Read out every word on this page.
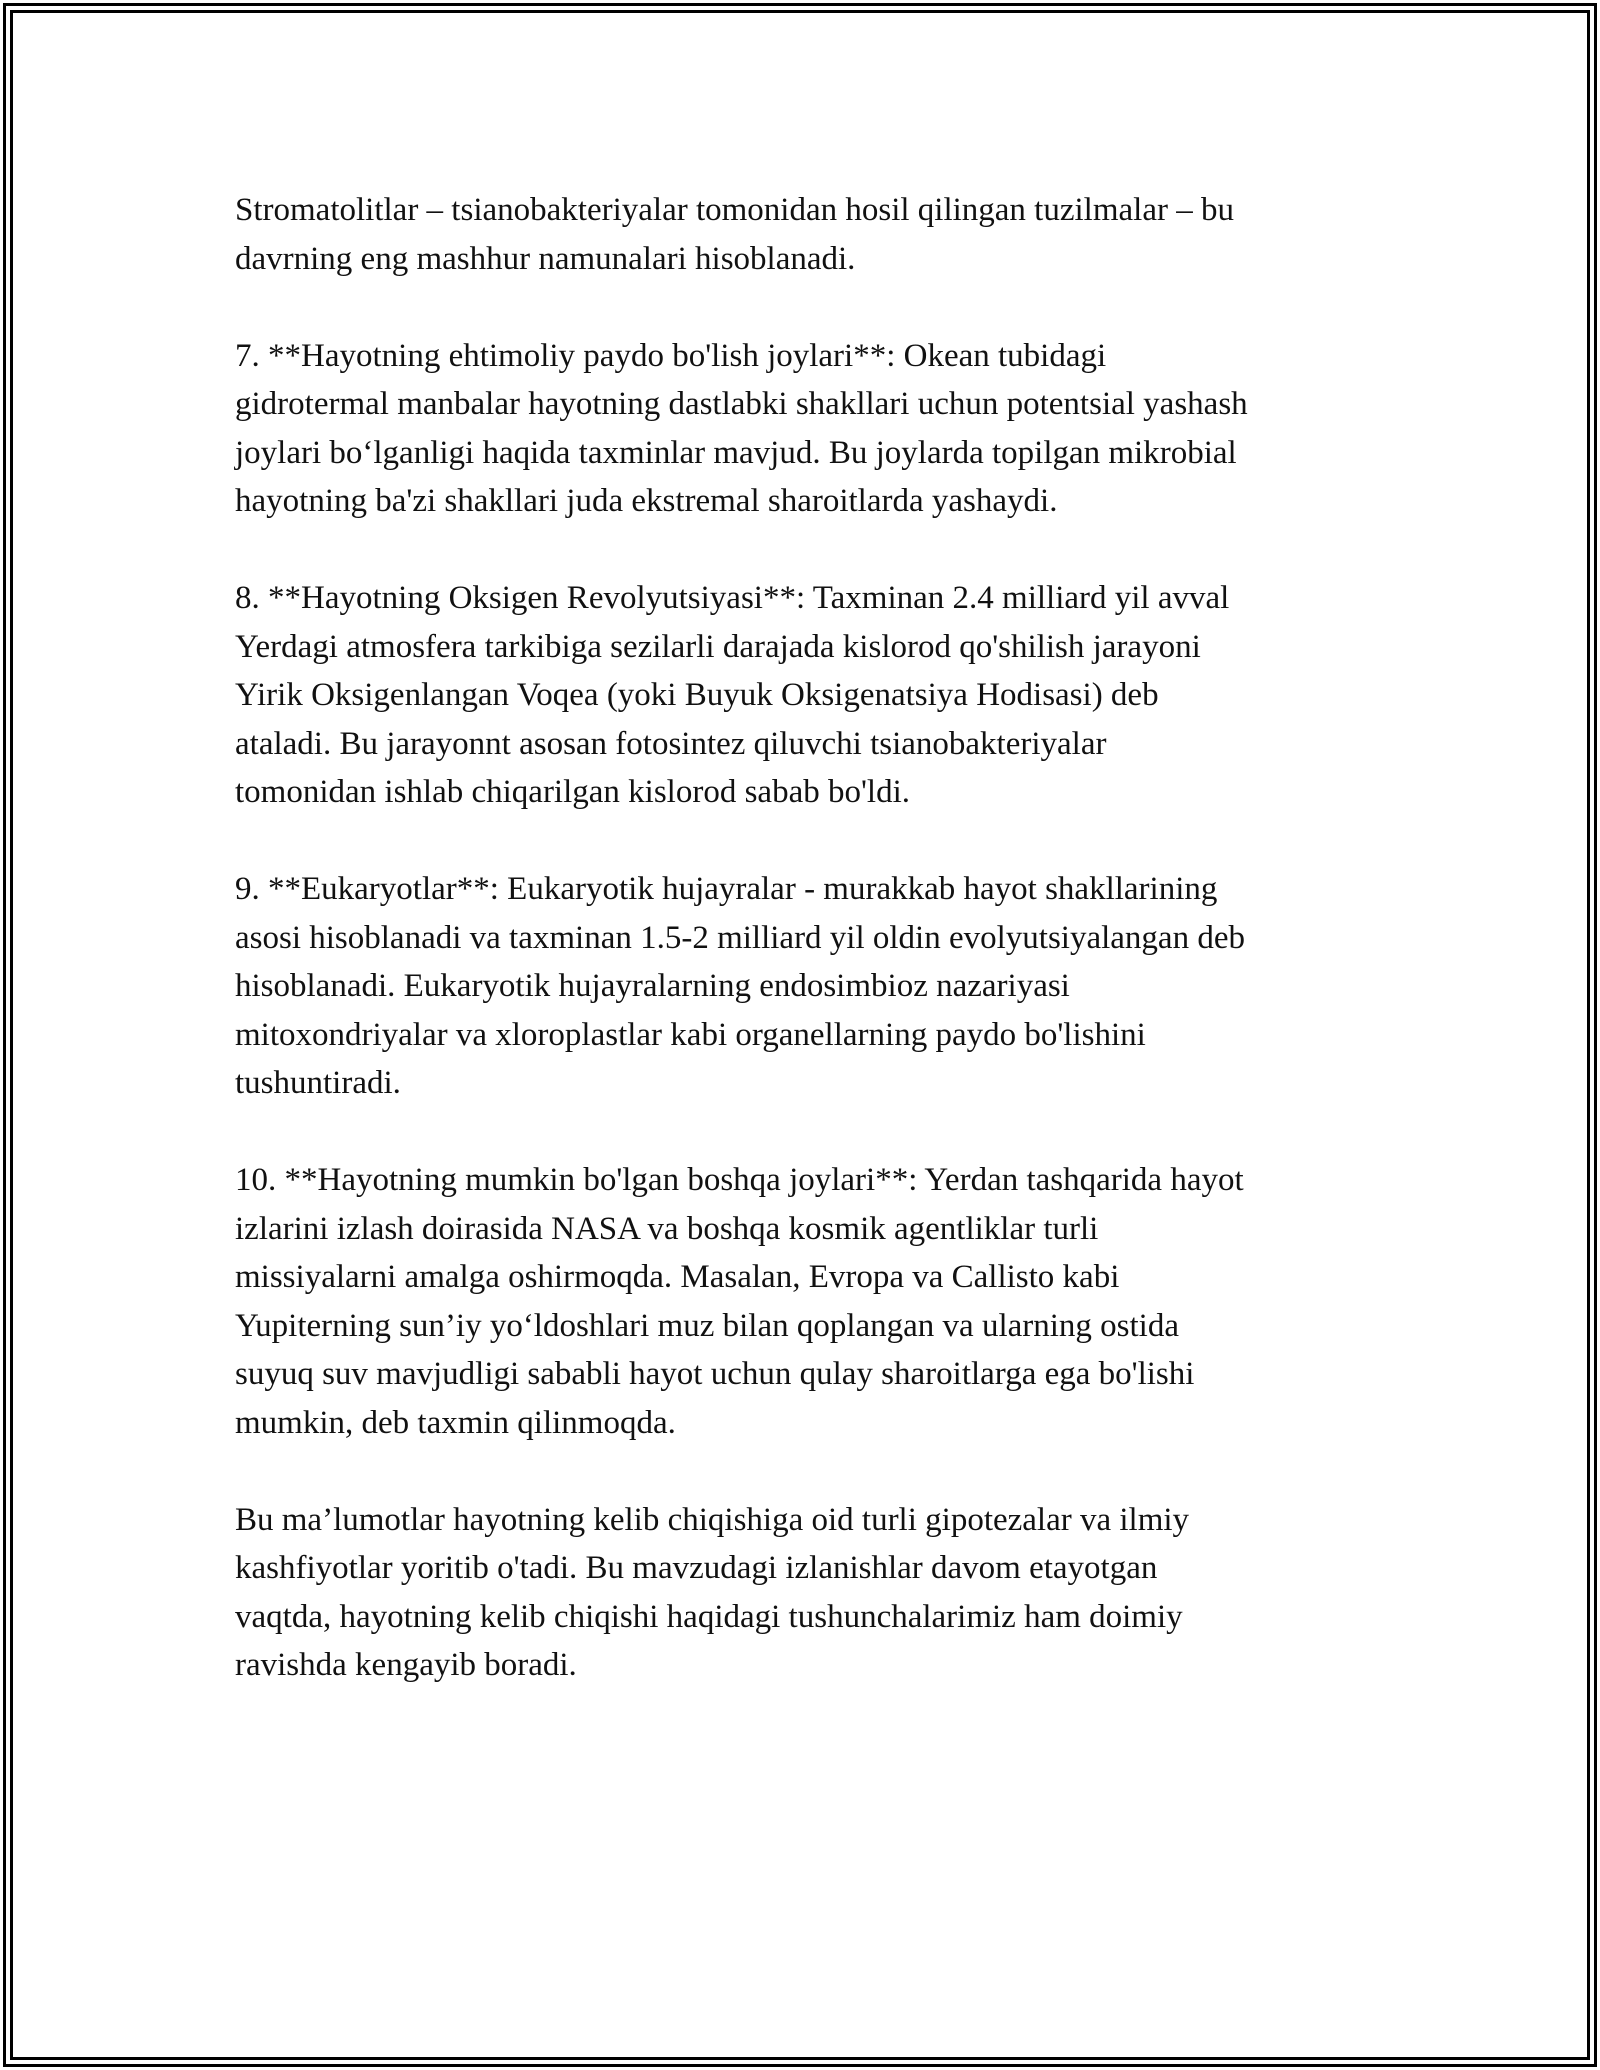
Stromatolitlar – tsianobakteriyalar tomonidan hosil qilingan tuzilmalar – bu
davrning eng mashhur namunalari hisoblanadi.

7. **Hayotning ehtimoliy paydo bo'lish joylari**: Okean tubidagi
gidrotermal manbalar hayotning dastlabki shakllari uchun potentsial yashash
joylari bo‘lganligi haqida taxminlar mavjud. Bu joylarda topilgan mikrobial
hayotning ba'zi shakllari juda ekstremal sharoitlarda yashaydi.

8. **Hayotning Oksigen Revolyutsiyasi**: Taxminan 2.4 milliard yil avval
Yerdagi atmosfera tarkibiga sezilarli darajada kislorod qo'shilish jarayoni
Yirik Oksigenlangan Voqea (yoki Buyuk Oksigenatsiya Hodisasi) deb
ataladi. Bu jarayonnt asosan fotosintez qiluvchi tsianobakteriyalar
tomonidan ishlab chiqarilgan kislorod sabab bo'ldi.

9. **Eukaryotlar**: Eukaryotik hujayralar - murakkab hayot shakllarining
asosi hisoblanadi va taxminan 1.5-2 milliard yil oldin evolyutsiyalangan deb
hisoblanadi. Eukaryotik hujayralarning endosimbioz nazariyasi
mitoxondriyalar va xloroplastlar kabi organellarning paydo bo'lishini
tushuntiradi.

10. **Hayotning mumkin bo'lgan boshqa joylari**: Yerdan tashqarida hayot
izlarini izlash doirasida NASA va boshqa kosmik agentliklar turli
missiyalarni amalga oshirmoqda. Masalan, Evropa va Callisto kabi
Yupiterning sun’iy yo‘ldoshlari muz bilan qoplangan va ularning ostida
suyuq suv mavjudligi sababli hayot uchun qulay sharoitlarga ega bo'lishi
mumkin, deb taxmin qilinmoqda.

Bu ma’lumotlar hayotning kelib chiqishiga oid turli gipotezalar va ilmiy
kashfiyotlar yoritib o'tadi. Bu mavzudagi izlanishlar davom etayotgan
vaqtda, hayotning kelib chiqishi haqidagi tushunchalarimiz ham doimiy
ravishda kengayib boradi.
